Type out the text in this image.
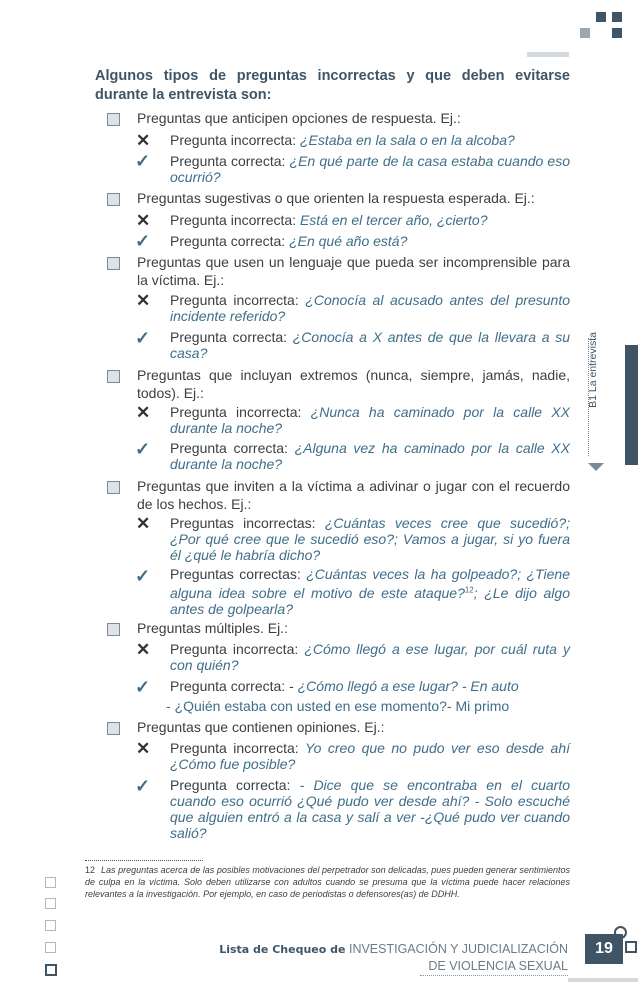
Algunos tipos de preguntas incorrectas y que deben evitarse durante la entrevista son:
Preguntas que anticipen opciones de respuesta. Ej.:
✕ Pregunta incorrecta: ¿Estaba en la sala o en la alcoba?
✓ Pregunta correcta: ¿En qué parte de la casa estaba cuando eso ocurrió?
Preguntas sugestivas o que orienten la respuesta esperada. Ej.:
✕ Pregunta incorrecta: Está en el tercer año, ¿cierto?
✓ Pregunta correcta: ¿En qué año está?
Preguntas que usen un lenguaje que pueda ser incomprensible para la víctima. Ej.:
✕ Pregunta incorrecta: ¿Conocía al acusado antes del presunto incidente referido?
✓ Pregunta correcta: ¿Conocía a X antes de que la llevara a su casa?
Preguntas que incluyan extremos (nunca, siempre, jamás, nadie, todos). Ej.:
✕ Pregunta incorrecta: ¿Nunca ha caminado por la calle XX durante la noche?
✓ Pregunta correcta: ¿Alguna vez ha caminado por la calle XX durante la noche?
Preguntas que inviten a la víctima a adivinar o jugar con el recuerdo de los hechos. Ej.:
✕ Preguntas incorrectas: ¿Cuántas veces cree que sucedió?; ¿Por qué cree que le sucedió eso?; Vamos a jugar, si yo fuera él ¿qué le habría dicho?
✓ Preguntas correctas: ¿Cuántas veces la ha golpeado?; ¿Tiene alguna idea sobre el motivo de este ataque?$^{12}$; ¿Le dijo algo antes de golpearla?
Preguntas múltiples. Ej.:
✕ Pregunta incorrecta: ¿Cómo llegó a ese lugar, por cuál ruta y con quién?
✓ Pregunta correcta: - ¿Cómo llegó a ese lugar? - En auto
- ¿Quién estaba con usted en ese momento?- Mi primo
Preguntas que contienen opiniones. Ej.:
✕ Pregunta incorrecta: Yo creo que no pudo ver eso desde ahí ¿Cómo fue posible?
✓ Pregunta correcta: - Dice que se encontraba en el cuarto cuando eso ocurrió ¿Qué pudo ver desde ahí? - Solo escuché que alguien entró a la casa y salí a ver -¿Qué pudo ver cuando salió?
B1 La entrevista
12 Las preguntas acerca de las posibles motivaciones del perpetrador son delicadas, pues pueden generar sentimientos de culpa en la víctima. Solo deben utilizarse con adultos cuando se presuma que la víctima puede hacer relaciones relevantes a la investigación. Por ejemplo, en caso de periodistas o defensores(as) de DDHH.
Lista de Chequeo de INVESTIGACIÓN Y JUDICIALIZACIÓN
DE VIOLENCIA SEXUAL
19
